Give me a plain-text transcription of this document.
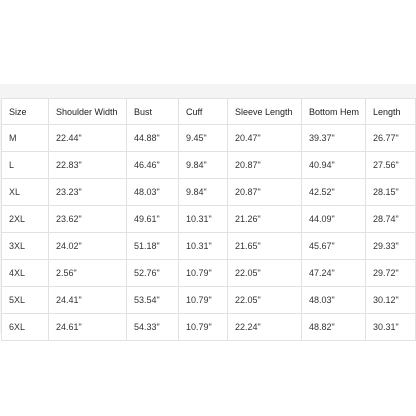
Size	Shoulder Width	Bust	Cuff	Sleeve Length	Bottom Hem	Length
M	22.44"	44.88"	9.45"	20.47"	39.37"	26.77"
L	22.83"	46.46"	9.84"	20.87"	40.94"	27.56"
XL	23.23"	48.03"	9.84"	20.87"	42.52"	28.15"
2XL	23.62"	49.61"	10.31"	21.26"	44.09"	28.74"
3XL	24.02"	51.18"	10.31"	21.65"	45.67"	29.33"
4XL	2.56"	52.76"	10.79"	22.05"	47.24"	29.72"
5XL	24.41"	53.54"	10.79"	22.05"	48.03"	30.12"
6XL	24.61"	54.33"	10.79"	22.24"	48.82"	30.31"
